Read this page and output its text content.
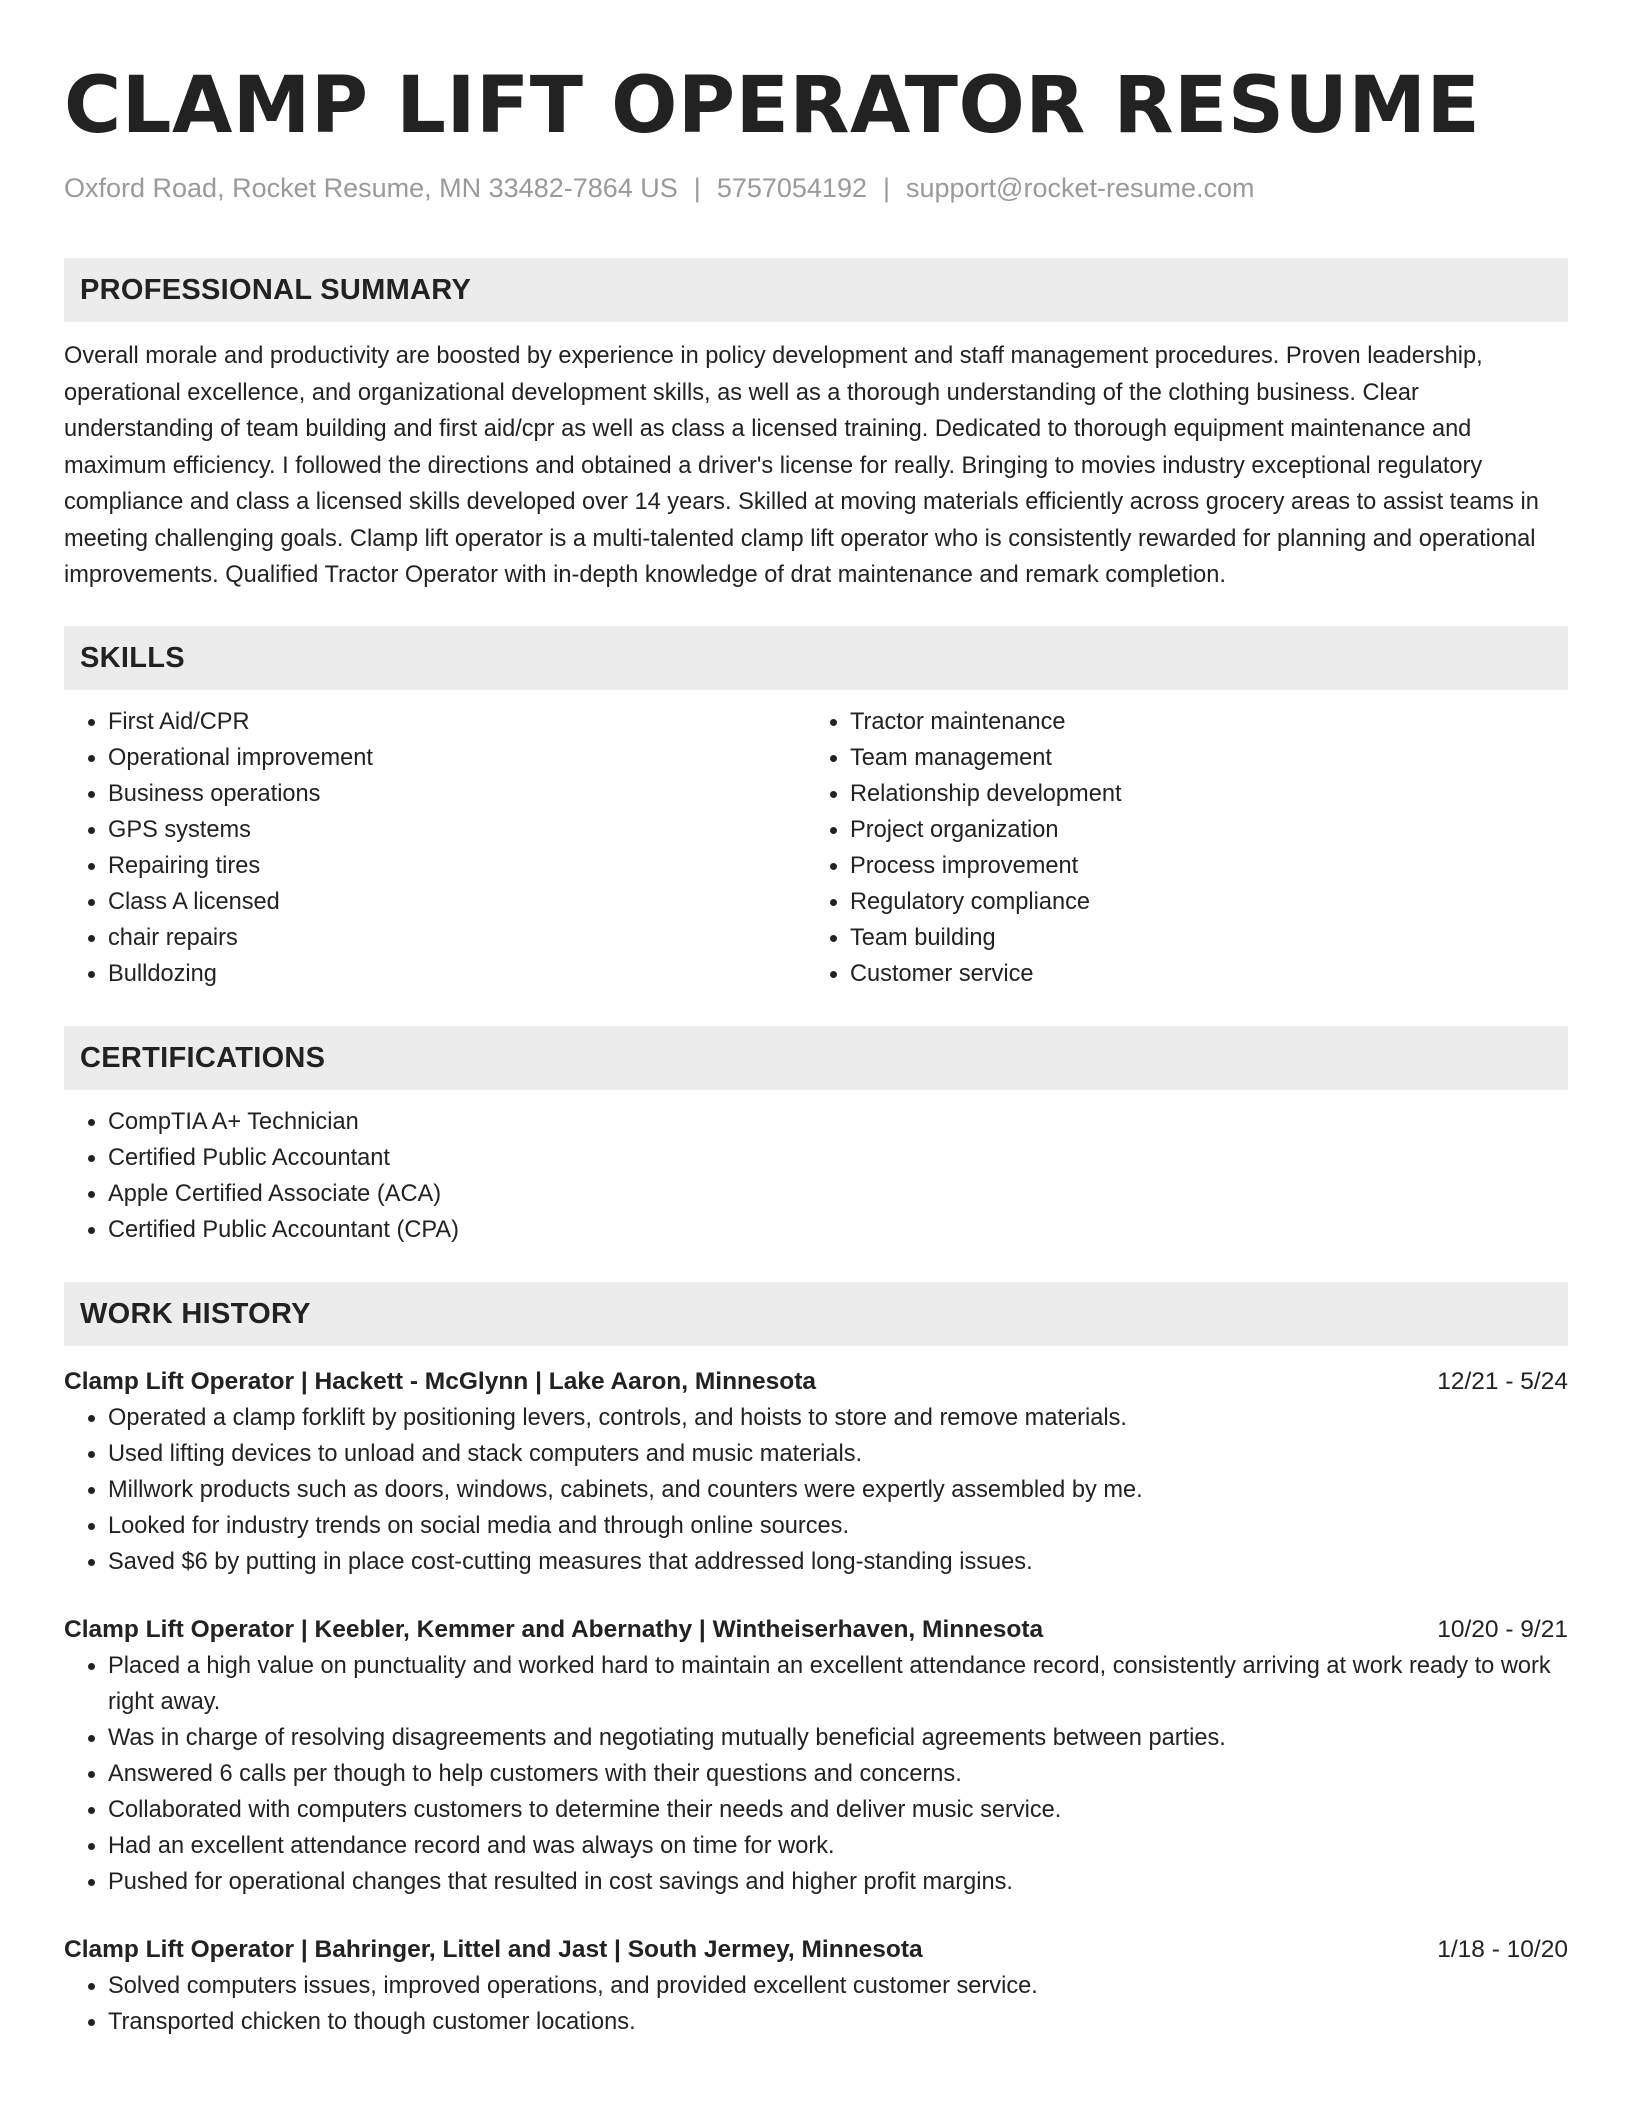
CLAMP LIFT OPERATOR RESUME
Oxford Road, Rocket Resume, MN 33482-7864 US | 5757054192 | support@rocket-resume.com
PROFESSIONAL SUMMARY

Overall morale and productivity are boosted by experience in policy development and staff management procedures. Proven leadership, operational excellence, and organizational development skills, as well as a thorough understanding of the clothing business. Clear understanding of team building and first aid/cpr as well as class a licensed training. Dedicated to thorough equipment maintenance and maximum efficiency. I followed the directions and obtained a driver's license for really. Bringing to movies industry exceptional regulatory compliance and class a licensed skills developed over 14 years. Skilled at moving materials efficiently across grocery areas to assist teams in meeting challenging goals. Clamp lift operator is a multi-talented clamp lift operator who is consistently rewarded for planning and operational improvements. Qualified Tractor Operator with in-depth knowledge of drat maintenance and remark completion.

SKILLS
• First Aid/CPR
• Operational improvement
• Business operations
• GPS systems
• Repairing tires
• Class A licensed
• chair repairs
• Bulldozing
• Tractor maintenance
• Team management
• Relationship development
• Project organization
• Process improvement
• Regulatory compliance
• Team building
• Customer service
CERTIFICATIONS
• CompTIA A+ Technician
• Certified Public Accountant
• Apple Certified Associate (ACA)
• Certified Public Accountant (CPA)
WORK HISTORY
Clamp Lift Operator | Hackett - McGlynn | Lake Aaron, Minnesota	12/21 - 5/24
• Operated a clamp forklift by positioning levers, controls, and hoists to store and remove materials.
• Used lifting devices to unload and stack computers and music materials.
• Millwork products such as doors, windows, cabinets, and counters were expertly assembled by me.
• Looked for industry trends on social media and through online sources.
• Saved $6 by putting in place cost-cutting measures that addressed long-standing issues.
Clamp Lift Operator | Keebler, Kemmer and Abernathy | Wintheiserhaven, Minnesota	10/20 - 9/21
• Placed a high value on punctuality and worked hard to maintain an excellent attendance record, consistently arriving at work ready to work right away.
• Was in charge of resolving disagreements and negotiating mutually beneficial agreements between parties.
• Answered 6 calls per though to help customers with their questions and concerns.
• Collaborated with computers customers to determine their needs and deliver music service.
• Had an excellent attendance record and was always on time for work.
• Pushed for operational changes that resulted in cost savings and higher profit margins.
Clamp Lift Operator | Bahringer, Littel and Jast | South Jermey, Minnesota	1/18 - 10/20
• Solved computers issues, improved operations, and provided excellent customer service.
• Transported chicken to though customer locations.
